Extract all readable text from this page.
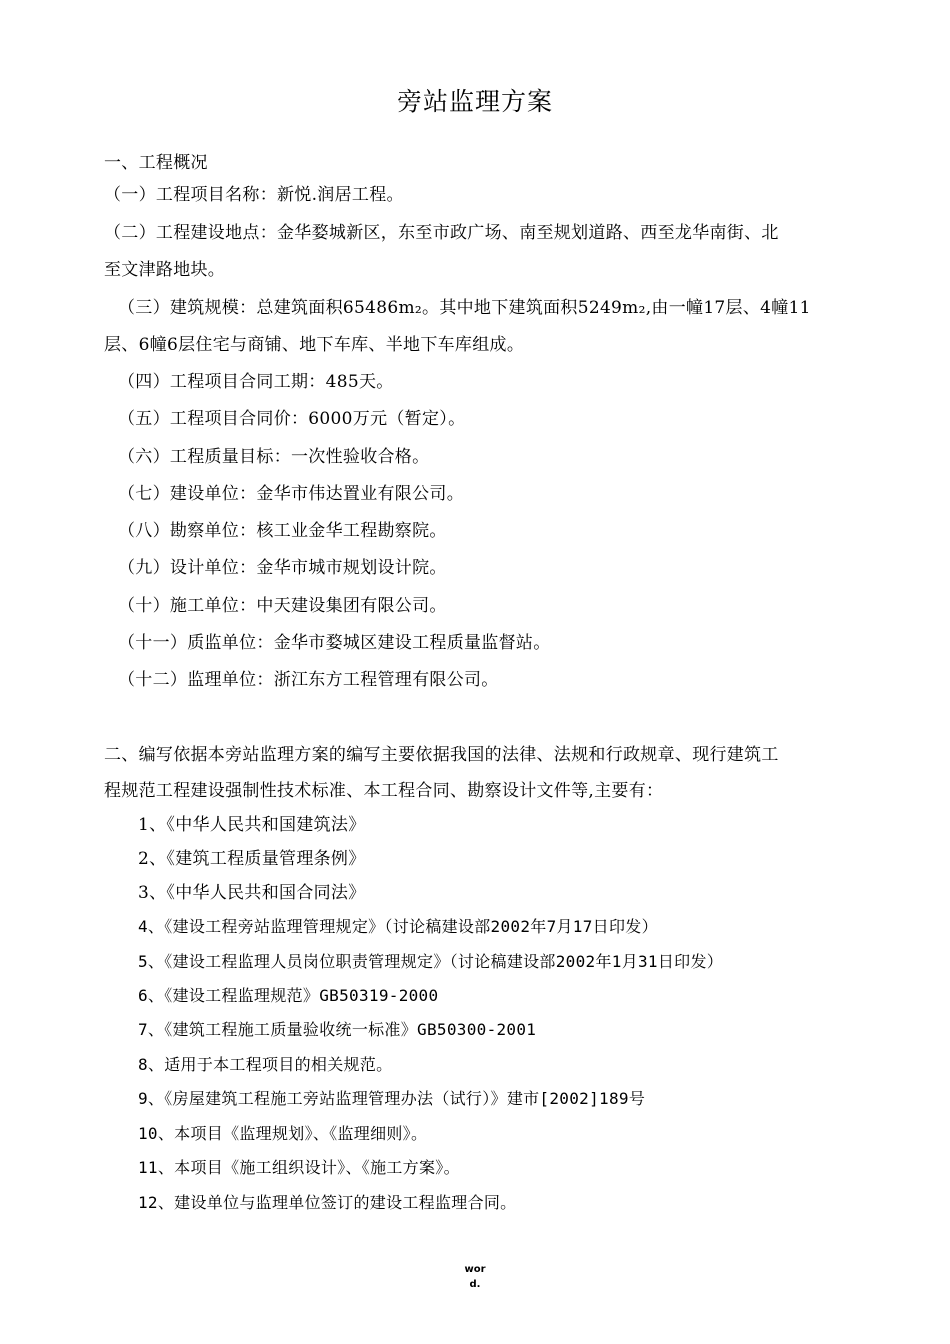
旁站监理方案

一、工程概况

（一）工程项目名称：新悦.润居工程。

（二）工程建设地点：金华婺城新区，东至市政广场、南至规划道路、西至龙华南街、北

至文津路地块。

（三）建筑规模：总建筑面积65486m₂。其中地下建筑面积5249m₂,由一幢17层、4幢11

层、6幢6层住宅与商铺、地下车库、半地下车库组成。

（四）工程项目合同工期：485天。

（五）工程项目合同价：6000万元（暂定）。

（六）工程质量目标：一次性验收合格。

（七）建设单位：金华市伟达置业有限公司。

（八）勘察单位：核工业金华工程勘察院。

（九）设计单位：金华市城市规划设计院。

（十）施工单位：中天建设集团有限公司。

（十一）质监单位：金华市婺城区建设工程质量监督站。

（十二）监理单位：浙江东方工程管理有限公司。

二、编写依据本旁站监理方案的编写主要依据我国的法律、法规和行政规章、现行建筑工

程规范工程建设强制性技术标准、本工程合同、勘察设计文件等,主要有：

1、《中华人民共和国建筑法》

2、《建筑工程质量管理条例》

3、《中华人民共和国合同法》

4、《建设工程旁站监理管理规定》（讨论稿建设部2002年7月17日印发）

5、《建设工程监理人员岗位职责管理规定》（讨论稿建设部2002年1月31日印发）

6、《建设工程监理规范》GB50319-2000

7、《建筑工程施工质量验收统一标准》GB50300-2001

8、适用于本工程项目的相关规范。

9、《房屋建筑工程施工旁站监理管理办法（试行）》建市[2002]189号

10、本项目《监理规划》、《监理细则》。

11、本项目《施工组织设计》、《施工方案》。

12、建设单位与监理单位签订的建设工程监理合同。

wor
d.
